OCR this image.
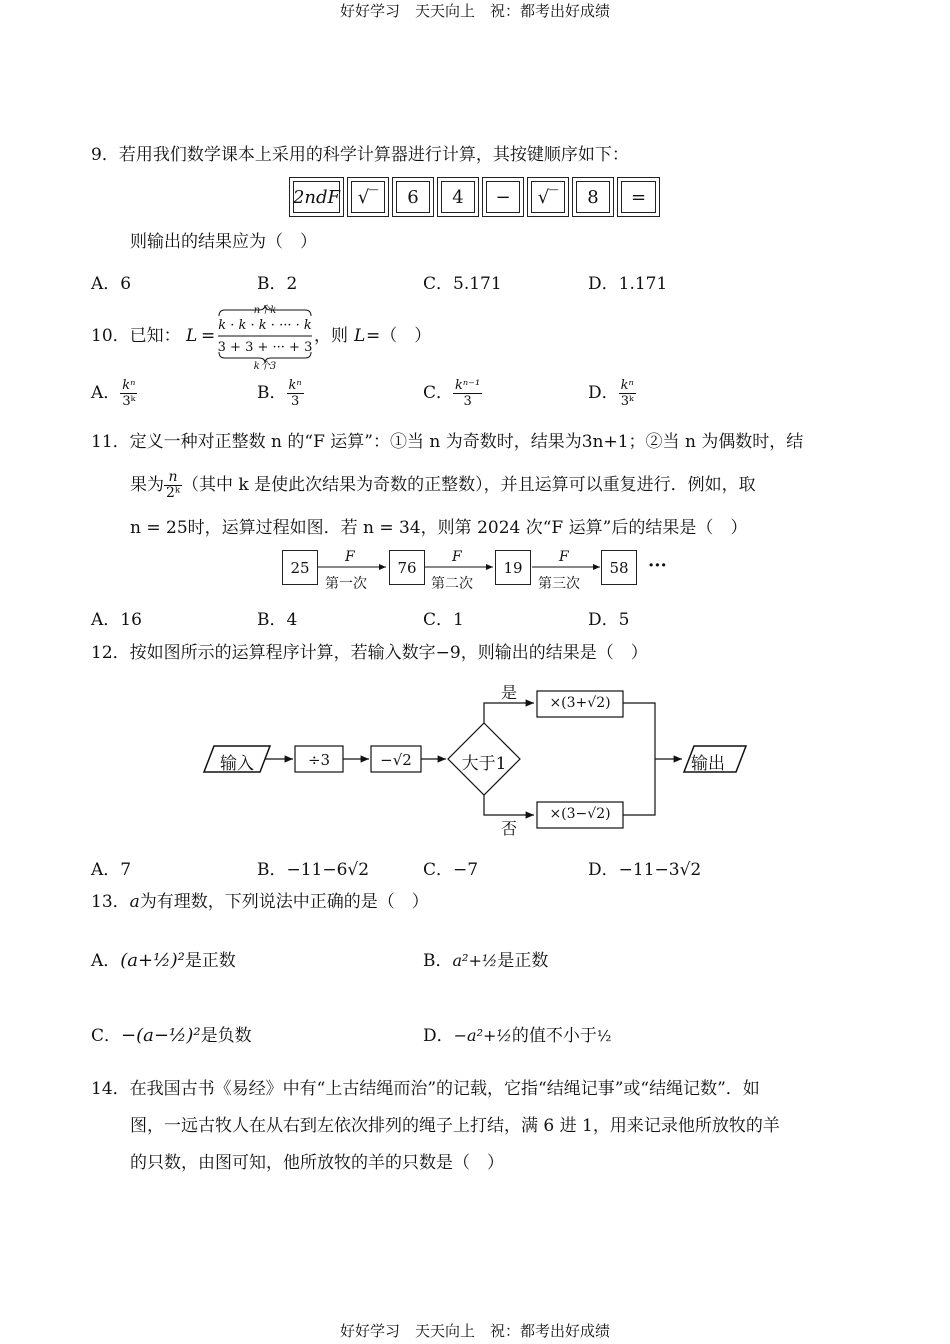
好好学习　天天向上　祝：都考出好成绩
好好学习　天天向上　祝：都考出好成绩
9．若用我们数学课本上采用的科学计算器进行计算，其按键顺序如下：
2ndF √‾ 6 4 − √‾ 8 =
则输出的结果应为（　）
A．6	B．2	C．5.171	D．1.171
10．已知： L =
n个k
k · k · k · ··· · k
3 + 3 + ··· + 3
k个3
，则 L =（　）
A． $\frac{\text{kⁿ}}{\text{3ᵏ}}$	B． $\frac{\text{kⁿ}}{3}$	C． $\frac{\text{kⁿ⁻¹}}{3}$	D． $\frac{\text{kⁿ}}{\text{3ᵏ}}$
11．定义一种对正整数 n 的“F 运算”：①当 n 为奇数时，结果为3n+1；②当 n 为偶数时，结
果为 $\frac{n}{\text{2ᵏ}}$ （其中 k 是使此次结果为奇数的正整数），并且运算可以重复进行．例如，取
n = 25时，运算过程如图．若 n = 34，则第 2024 次“F 运算”后的结果是（　）
25	76	19	58
F	F	F
第一次	第二次	第三次
···
A．16	B．4	C．1	D．5
12．按如图所示的运算程序计算，若输入数字−9，则输出的结果是（　）
输入	÷3	−√2	大于1
是
否
×(3+√2)
×(3−√2)
输出
A．7	B．−11−6√2	C．−7	D．−11−3√2
13．a为有理数，下列说法中正确的是（　）
A．(a+½)²是正数	B．a²+½是正数
C．−(a−½)²是负数	D．−a²+½的值不小于½
14．在我国古书《易经》中有“上古结绳而治”的记载，它指“结绳记事”或“结绳记数”．如
图，一远古牧人在从右到左依次排列的绳子上打结，满 6 进 1，用来记录他所放牧的羊
的只数，由图可知，他所放牧的羊的只数是（　）
